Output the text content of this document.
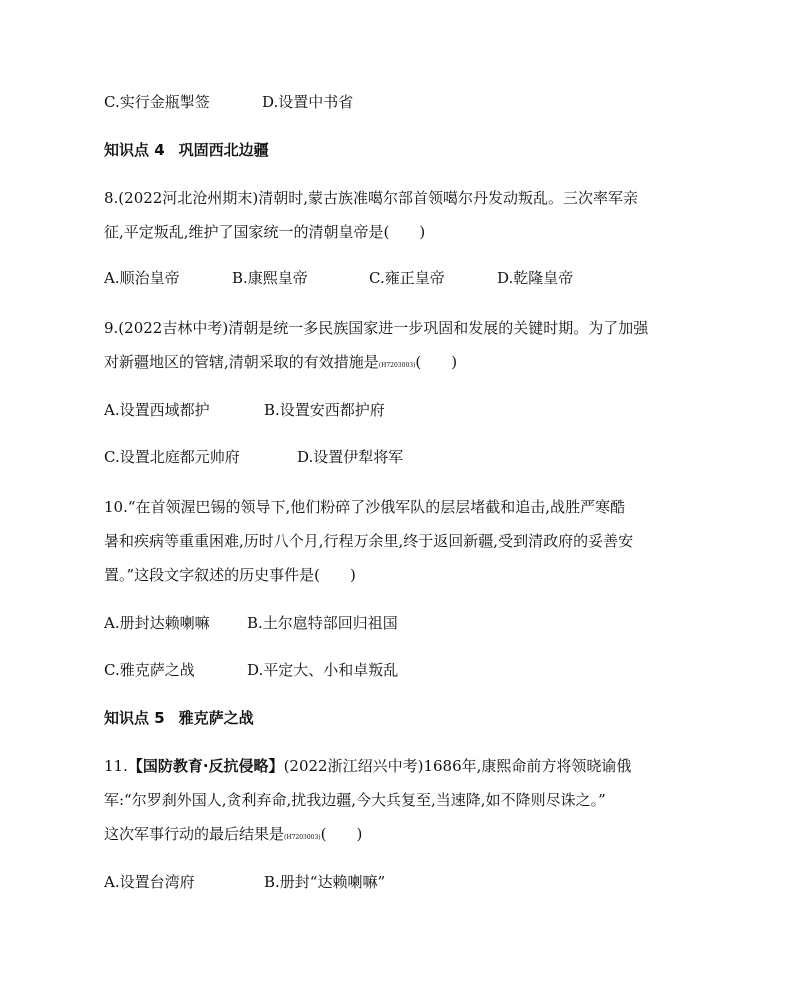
C.实行金瓶掣签	D.设置中书省
知识点 4 巩固西北边疆
8.(2022河北沧州期末)清朝时,蒙古族准噶尔部首领噶尔丹发动叛乱。三次率军亲
征,平定叛乱,维护了国家统一的清朝皇帝是(　　)
A.顺治皇帝	B.康熙皇帝	C.雍正皇帝	D.乾隆皇帝
9.(2022吉林中考)清朝是统一多民族国家进一步巩固和发展的关键时期。为了加强
对新疆地区的管辖,清朝采取的有效措施是(H7203003)(　　)
A.设置西域都护	B.设置安西都护府
C.设置北庭都元帅府	D.设置伊犁将军
10.“在首领渥巴锡的领导下,他们粉碎了沙俄军队的层层堵截和追击,战胜严寒酷
暑和疾病等重重困难,历时八个月,行程万余里,终于返回新疆,受到清政府的妥善安
置。”这段文字叙述的历史事件是(　　)
A.册封达赖喇嘛 B.土尔扈特部回归祖国
C.雅克萨之战	D.平定大、小和卓叛乱
知识点 5 雅克萨之战
11.【国防教育·反抗侵略】(2022浙江绍兴中考)1686年,康熙命前方将领晓谕俄
军:“尔罗刹外国人,贪利弃命,扰我边疆,今大兵复至,当速降,如不降则尽诛之。”
这次军事行动的最后结果是(H7203003)(　　)
A.设置台湾府	B.册封“达赖喇嘛”
